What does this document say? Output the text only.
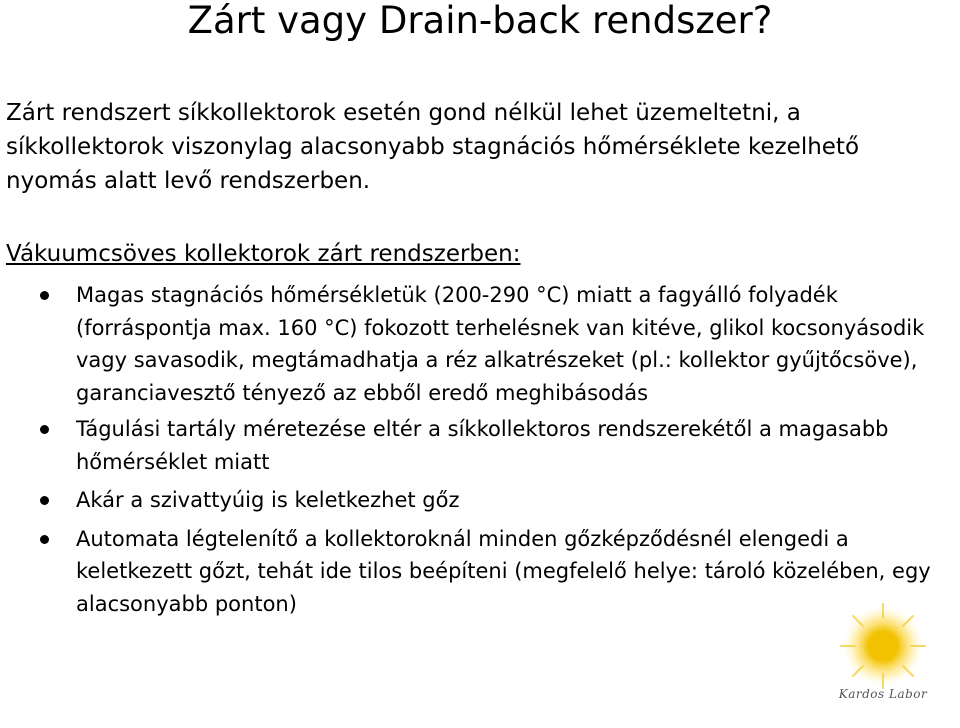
Zárt vagy Drain-back rendszer?

Zárt rendszert síkkollektorok esetén gond nélkül lehet üzemeltetni, a síkkollektorok viszonylag alacsonyabb stagnációs hőmérséklete kezelhető nyomás alatt levő rendszerben.

Vákuumcsöves kollektorok zárt rendszerben:

Magas stagnációs hőmérsékletük (200-290 °C) miatt a fagyálló folyadék (forráspontja max. 160 °C) fokozott terhelésnek van kitéve, glikol kocsonyásodik vagy savasodik, megtámadhatja a réz alkatrészeket (pl.: kollektor gyűjtőcsöve), garanciavesztő tényező az ebből eredő meghibásodás
Tágulási tartály méretezése eltér a síkkollektoros rendszerekétől a magasabb hőmérséklet miatt
Akár a szivattyúig is keletkezhet gőz
Automata légtelenítő a kollektoroknál minden gőzképződésnél elengedi a keletkezett gőzt, tehát ide tilos beépíteni (megfelelő helye: tároló közelében, egy alacsonyabb ponton)
Kardos Labor
